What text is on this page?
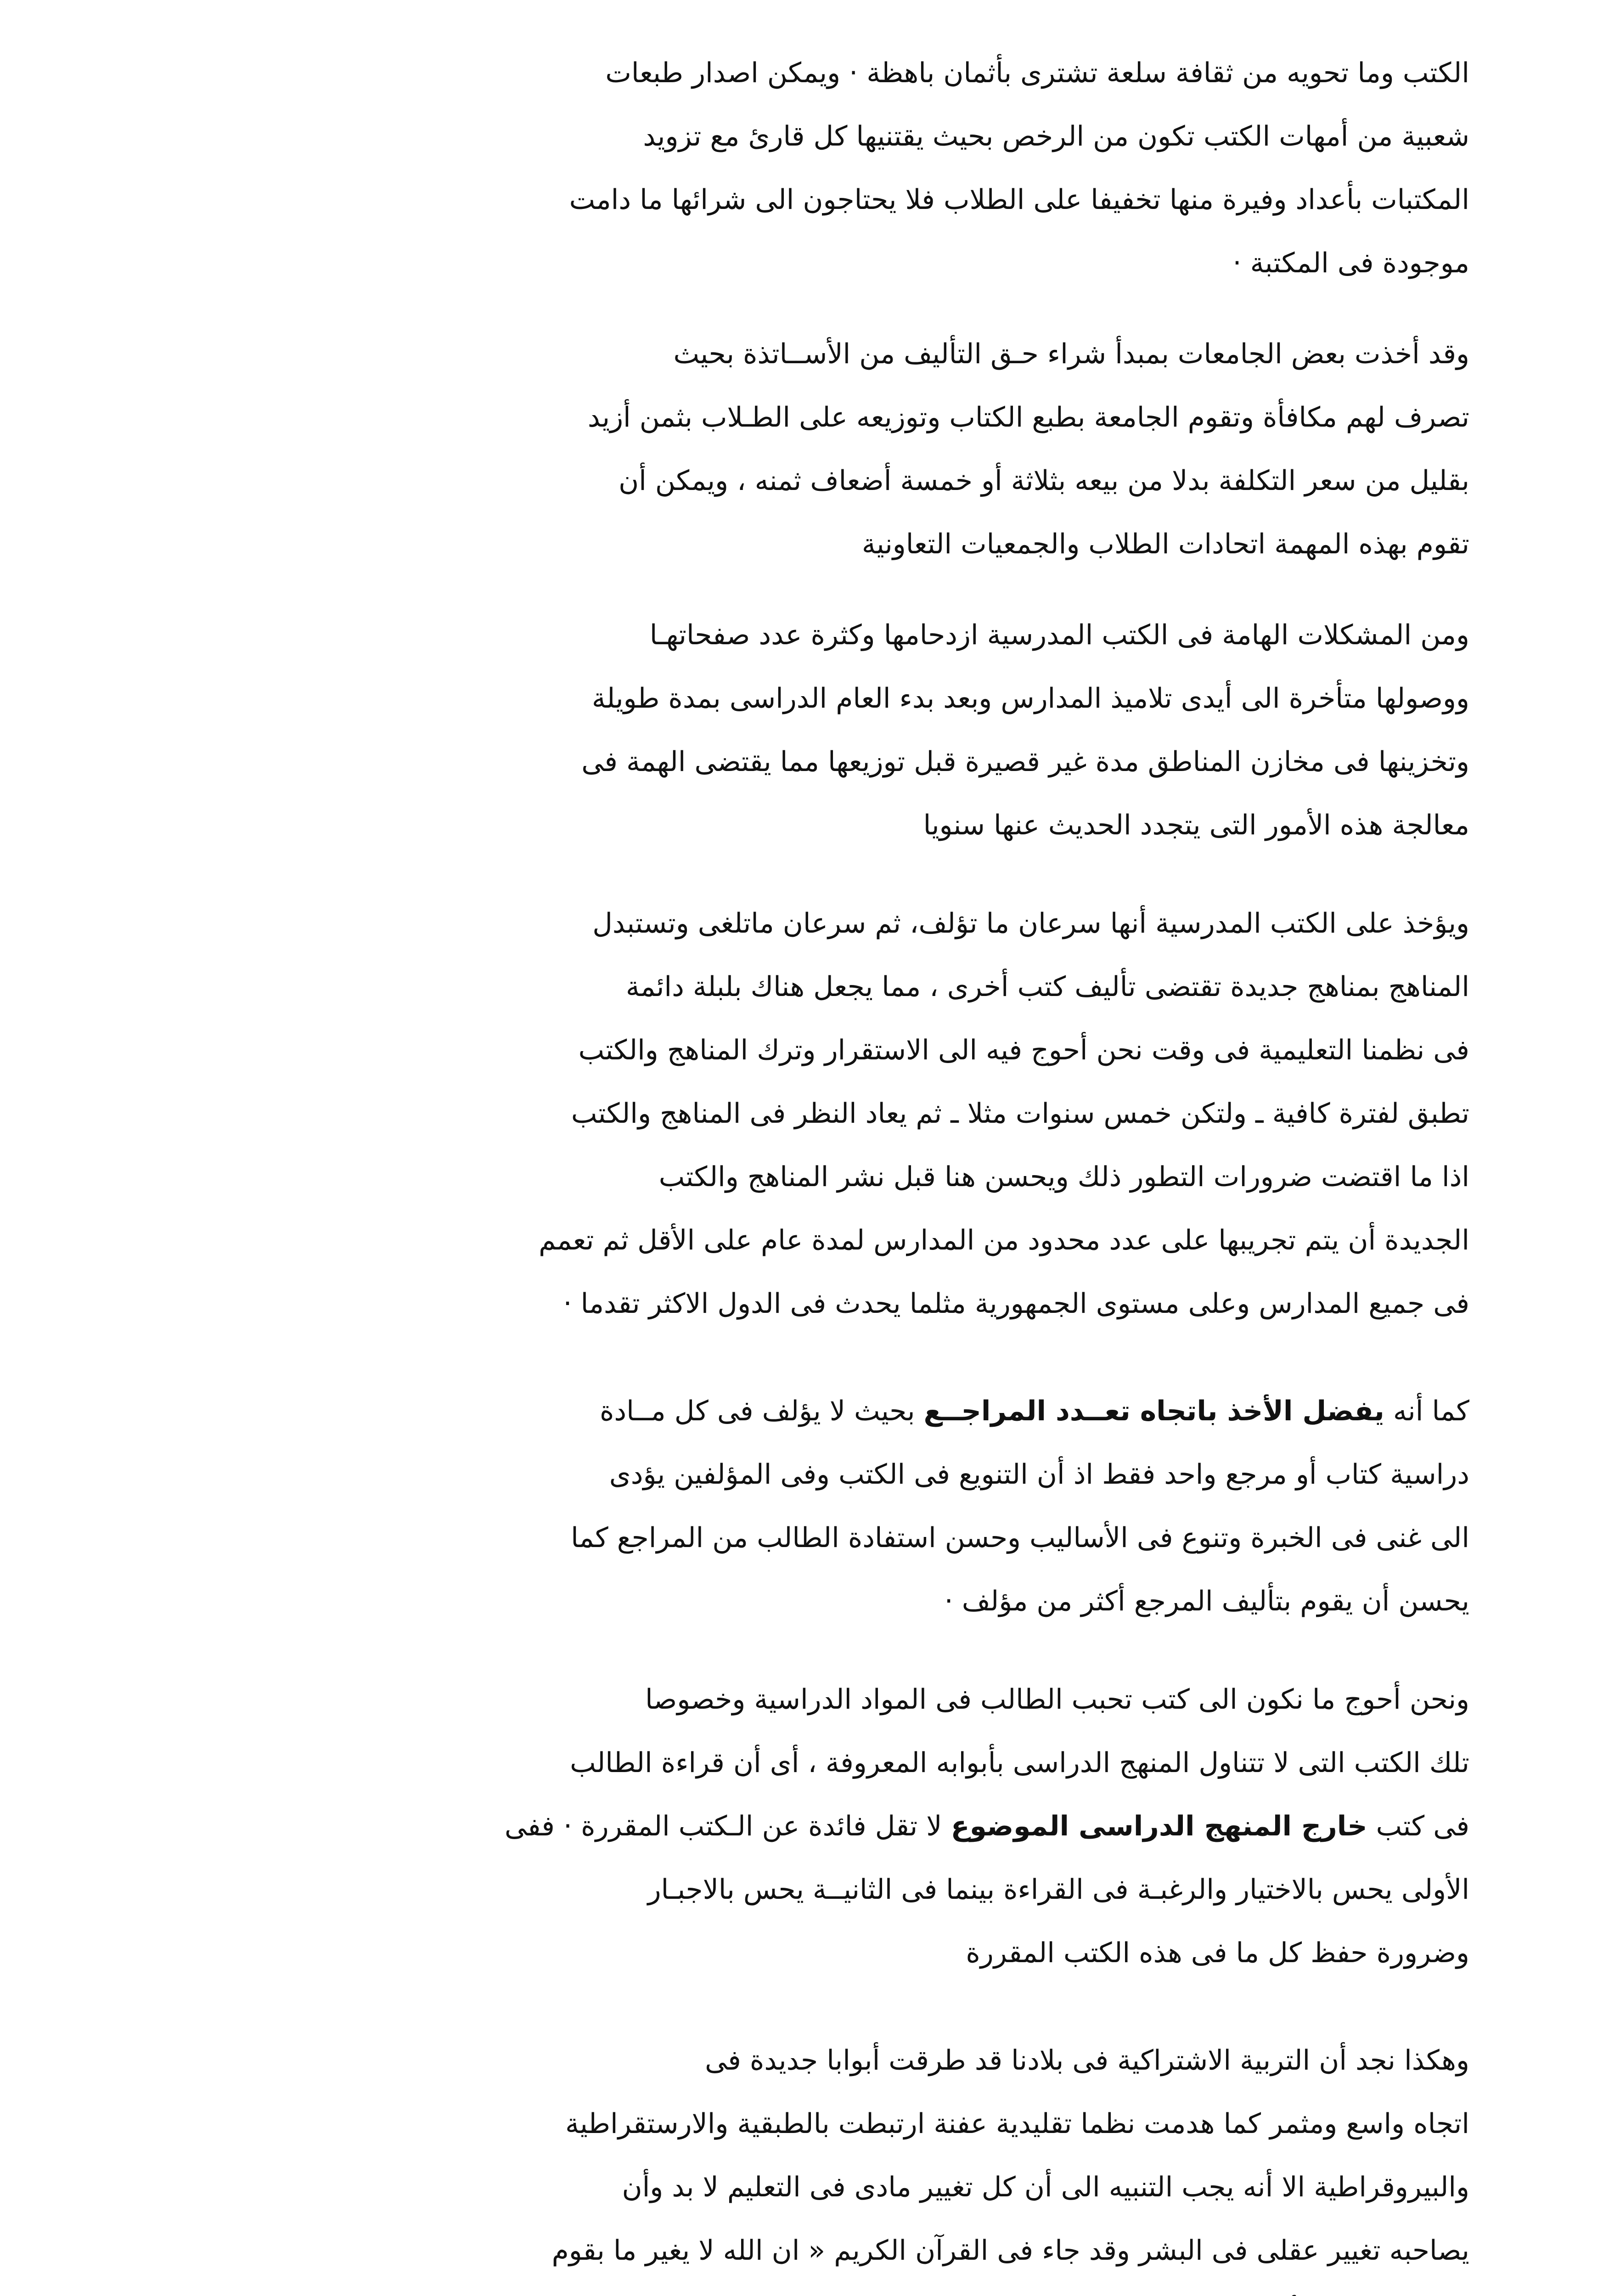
الكتب وما تحويه من ثقافة سلعة تشترى بأثمان باهظة · ويمكن اصدار طبعات
شعبية من أمهات الكتب تكون من الرخص بحيث يقتنيها كل قارئ مع تزويد
المكتبات بأعداد وفيرة منها تخفيفا على الطلاب فلا يحتاجون الى شرائها ما دامت
موجودة فى المكتبة ·
وقد أخذت بعض الجامعات بمبدأ شراء حـق التأليف من الأســاتذة بحيث
تصرف لهم مكافأة وتقوم الجامعة بطبع الكتاب وتوزيعه على الطـلاب بثمن أزيد
بقليل من سعر التكلفة بدلا من بيعه بثلاثة أو خمسة أضعاف ثمنه ، ويمكن أن
تقوم بهذه المهمة اتحادات الطلاب والجمعيات التعاونية
ومن المشكلات الهامة فى الكتب المدرسية ازدحامها وكثرة عدد صفحاتهـا
ووصولها متأخرة الى أيدى تلاميذ المدارس وبعد بدء العام الدراسى بمدة طويلة
وتخزينها فى مخازن المناطق مدة غير قصيرة قبل توزيعها مما يقتضى الهمة فى
معالجة هذه الأمور التى يتجدد الحديث عنها سنويا
ويؤخذ على الكتب المدرسية أنها سرعان ما تؤلف، ثم سرعان ماتلغى وتستبدل
المناهج بمناهج جديدة تقتضى تأليف كتب أخرى ، مما يجعل هناك بلبلة دائمة
فى نظمنا التعليمية فى وقت نحن أحوج فيه الى الاستقرار وترك المناهج والكتب
تطبق لفترة كافية ـ ولتكن خمس سنوات مثلا ـ ثم يعاد النظر فى المناهج والكتب
اذا ما اقتضت ضرورات التطور ذلك ويحسن هنا قبل نشر المناهج والكتب
الجديدة أن يتم تجريبها على عدد محدود من المدارس لمدة عام على الأقل ثم تعمم
فى جميع المدارس وعلى مستوى الجمهورية مثلما يحدث فى الدول الاكثر تقدما ·
كما أنه يفضل الأخذ باتجاه تعــدد المراجــع بحيث لا يؤلف فى كل مــادة
دراسية كتاب أو مرجع واحد فقط اذ أن التنويع فى الكتب وفى المؤلفين يؤدى
الى غنى فى الخبرة وتنوع فى الأساليب وحسن استفادة الطالب من المراجع كما
يحسن أن يقوم بتأليف المرجع أكثر من مؤلف ·
ونحن أحوج ما نكون الى كتب تحبب الطالب فى المواد الدراسية وخصوصا
تلك الكتب التى لا تتناول المنهج الدراسى بأبوابه المعروفة ، أى أن قراءة الطالب
فى كتب خارج المنهج الدراسى الموضوع لا تقل فائدة عن الـكتب المقررة · ففى
الأولى يحس بالاختيار والرغبـة فى القراءة بينما فى الثانيــة يحس بالاجبـار
وضرورة حفظ كل ما فى هذه الكتب المقررة
وهكذا نجد أن التربية الاشتراكية فى بلادنا قد طرقت أبوابا جديدة فى
اتجاه واسع ومثمر كما هدمت نظما تقليدية عفنة ارتبطت بالطبقية والارستقراطية
والبيروقراطية الا أنه يجب التنبيه الى أن كل تغيير مادى فى التعليم لا بد وأن
يصاحبه تغيير عقلى فى البشر وقد جاء فى القرآن الكريم « ان الله لا يغير ما بقوم
